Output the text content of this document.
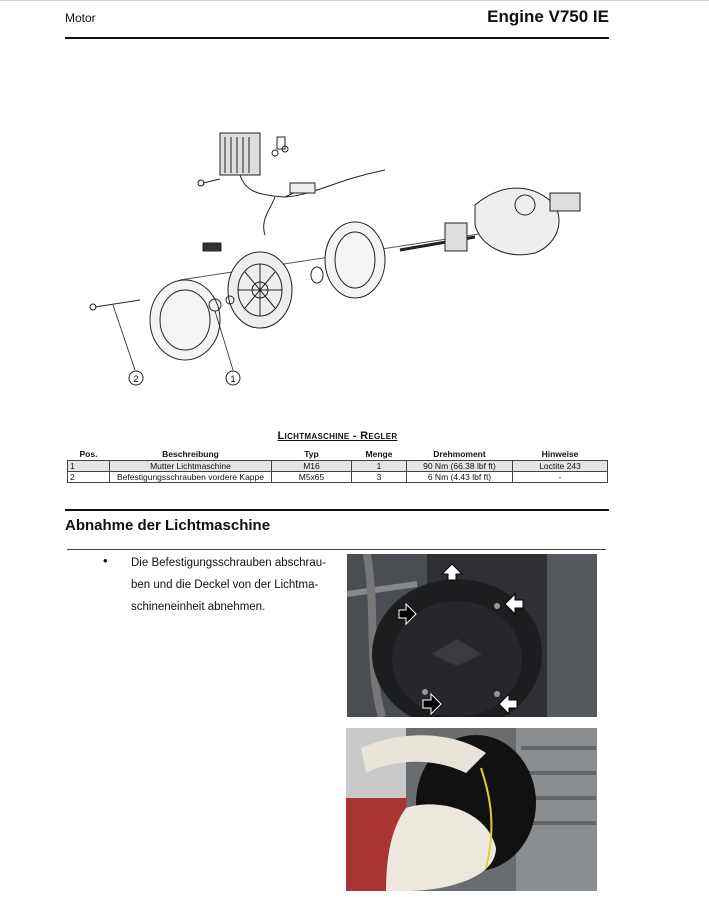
Motor	Engine V750 IE
2	1
Lichtmaschine - Regler
Pos.	Beschreibung	Typ	Menge	Drehmoment	Hinweise
1	Mutter Lichtmaschine	M16	1	90 Nm (66.38 lbf ft)	Loctite 243
2	Befestigungsschrauben vordere Kappe	M5x65	3	6 Nm (4.43 lbf ft)	-
Abnahme der Lichtmaschine
• Die Befestigungsschrauben abschrau-ben und die Deckel von der Lichtma-schineneinheit abnehmen.
